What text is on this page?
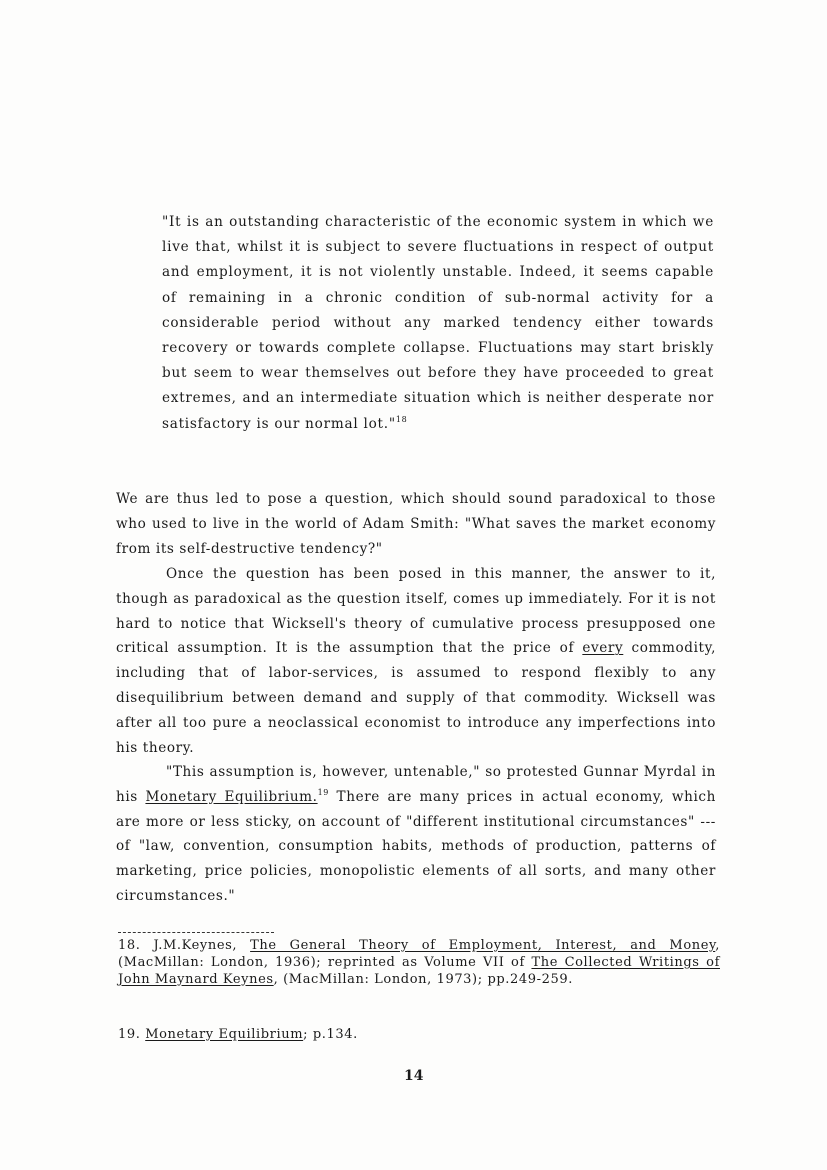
"It is an outstanding characteristic of the economic system in which we live that, whilst it is subject to severe fluctuations in respect of output and employment, it is not violently unstable. Indeed, it seems capable of remaining in a chronic condition of sub-normal activity for a considerable period without any marked tendency either towards recovery or towards complete collapse. Fluctuations may start briskly but seem to wear themselves out before they have proceeded to great extremes, and an intermediate situation which is neither desperate nor satisfactory is our normal lot."$^{18}$
We are thus led to pose a question, which should sound paradoxical to those who used to live in the world of Adam Smith: "What saves the market economy from its self-destructive tendency?"
Once the question has been posed in this manner, the answer to it, though as paradoxical as the question itself, comes up immediately. For it is not hard to notice that Wicksell's theory of cumulative process presupposed one critical assumption. It is the assumption that the price of every commodity, including that of labor-services, is assumed to respond flexibly to any disequilibrium between demand and supply of that commodity. Wicksell was after all too pure a neoclassical economist to introduce any imperfections into his theory.
"This assumption is, however, untenable," so protested Gunnar Myrdal in his Monetary Equilibrium.$^{19}$ There are many prices in actual economy, which are more or less sticky, on account of "different institutional circumstances" --- of "law, convention, consumption habits, methods of production, patterns of marketing, price policies, monopolistic elements of all sorts, and many other circumstances."
18. J.M.Keynes, The General Theory of Employment, Interest, and Money, (MacMillan: London, 1936); reprinted as Volume VII of The Collected Writings of John Maynard Keynes, (MacMillan: London, 1973); pp.249-259.
19. Monetary Equilibrium; p.134.
14
